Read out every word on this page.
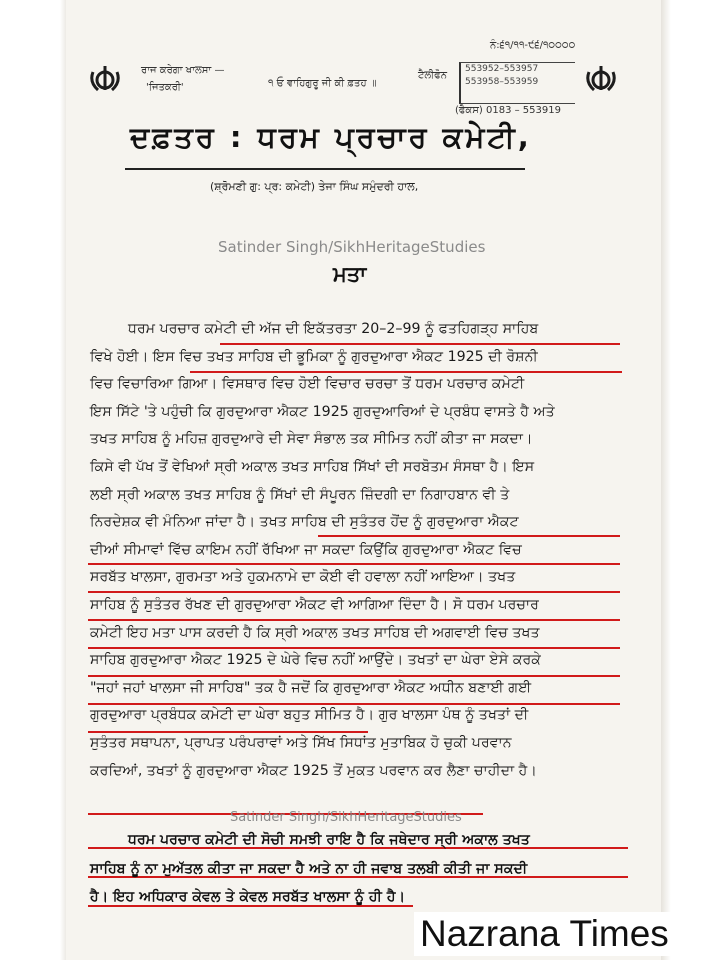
ਨੰ:੬੧/੧੧-੯੬/੧੦੦੦੦
ਰਾਜ ਕਰੇਗਾ ਖਾਲਸਾ —
'ਜਿਤਕਰੀ'	੧ ਓ ਵਾਹਿਗੁਰੂ ਜੀ ਕੀ ਫ਼ਤਹ ॥
ਟੈਲੀਫੋਨ
553952–553957
553958–553959
(ਫੈਕਸ) 0183 – 553919
ਦਫ਼ਤਰ : ਧਰਮ ਪ੍ਰਚਾਰ ਕਮੇਟੀ,
(ਸ਼੍ਰੋਮਣੀ ਗੁ: ਪ੍ਰ: ਕਮੇਟੀ) ਤੇਜਾ ਸਿੰਘ ਸਮੁੰਦਰੀ ਹਾਲ,
Satinder Singh/SikhHeritageStudies
ਮਤਾ

ਧਰਮ ਪਰਚਾਰ ਕਮੇਟੀ ਦੀ ਅੱਜ ਦੀ ਇਕੱਤਰਤਾ 20–2–99 ਨੂੰ ਫਤਹਿਗੜ੍ਹ ਸਾਹਿਬ

ਵਿਖੇ ਹੋਈ। ਇਸ ਵਿਚ ਤਖਤ ਸਾਹਿਬ ਦੀ ਭੂਮਿਕਾ ਨੂੰ ਗੁਰਦੁਆਰਾ ਐਕਟ 1925 ਦੀ ਰੋਸ਼ਨੀ

ਵਿਚ ਵਿਚਾਰਿਆ ਗਿਆ। ਵਿਸਥਾਰ ਵਿਚ ਹੋਈ ਵਿਚਾਰ ਚਰਚਾ ਤੋਂ ਧਰਮ ਪਰਚਾਰ ਕਮੇਟੀ

ਇਸ ਸਿੱਟੇ 'ਤੇ ਪਹੁੰਚੀ ਕਿ ਗੁਰਦੁਆਰਾ ਐਕਟ 1925 ਗੁਰਦੁਆਰਿਆਂ ਦੇ ਪ੍ਰਬੰਧ ਵਾਸਤੇ ਹੈ ਅਤੇ

ਤਖਤ ਸਾਹਿਬ ਨੂੰ ਮਹਿਜ਼ ਗੁਰਦੁਆਰੇ ਦੀ ਸੇਵਾ ਸੰਭਾਲ ਤਕ ਸੀਮਿਤ ਨਹੀਂ ਕੀਤਾ ਜਾ ਸਕਦਾ।

ਕਿਸੇ ਵੀ ਪੱਖ ਤੋਂ ਵੇਖਿਆਂ ਸ੍ਰੀ ਅਕਾਲ ਤਖਤ ਸਾਹਿਬ ਸਿੱਖਾਂ ਦੀ ਸਰਬੋਤਮ ਸੰਸਥਾ ਹੈ। ਇਸ

ਲਈ ਸ੍ਰੀ ਅਕਾਲ ਤਖਤ ਸਾਹਿਬ ਨੂੰ ਸਿੱਖਾਂ ਦੀ ਸੰਪੂਰਨ ਜ਼ਿੰਦਗੀ ਦਾ ਨਿਗਾਹਬਾਨ ਵੀ ਤੇ

ਨਿਰਦੇਸ਼ਕ ਵੀ ਮੰਨਿਆ ਜਾਂਦਾ ਹੈ। ਤਖਤ ਸਾਹਿਬ ਦੀ ਸੁਤੰਤਰ ਹੋਂਦ ਨੂੰ ਗੁਰਦੁਆਰਾ ਐਕਟ

ਦੀਆਂ ਸੀਮਾਵਾਂ ਵਿੱਚ ਕਾਇਮ ਨਹੀਂ ਰੱਖਿਆ ਜਾ ਸਕਦਾ ਕਿਉਂਕਿ ਗੁਰਦੁਆਰਾ ਐਕਟ ਵਿਚ

ਸਰਬੱਤ ਖਾਲਸਾ, ਗੁਰਮਤਾ ਅਤੇ ਹੁਕਮਨਾਮੇ ਦਾ ਕੋਈ ਵੀ ਹਵਾਲਾ ਨਹੀਂ ਆਇਆ। ਤਖਤ

ਸਾਹਿਬ ਨੂੰ ਸੁਤੰਤਰ ਰੱਖਣ ਦੀ ਗੁਰਦੁਆਰਾ ਐਕਟ ਵੀ ਆਗਿਆ ਦਿੰਦਾ ਹੈ। ਸੋ ਧਰਮ ਪਰਚਾਰ

ਕਮੇਟੀ ਇਹ ਮਤਾ ਪਾਸ ਕਰਦੀ ਹੈ ਕਿ ਸ੍ਰੀ ਅਕਾਲ ਤਖਤ ਸਾਹਿਬ ਦੀ ਅਗਵਾਈ ਵਿਚ ਤਖਤ

ਸਾਹਿਬ ਗੁਰਦੁਆਰਾ ਐਕਟ 1925 ਦੇ ਘੇਰੇ ਵਿਚ ਨਹੀਂ ਆਉਂਦੇ। ਤਖਤਾਂ ਦਾ ਘੇਰਾ ਏਸੇ ਕਰਕੇ

"ਜਹਾਂ ਜਹਾਂ ਖਾਲਸਾ ਜੀ ਸਾਹਿਬ" ਤਕ ਹੈ ਜਦੋਂ ਕਿ ਗੁਰਦੁਆਰਾ ਐਕਟ ਅਧੀਨ ਬਣਾਈ ਗਈ

ਗੁਰਦੁਆਰਾ ਪ੍ਰਬੰਧਕ ਕਮੇਟੀ ਦਾ ਘੇਰਾ ਬਹੁਤ ਸੀਮਿਤ ਹੈ। ਗੁਰ ਖਾਲਸਾ ਪੰਥ ਨੂੰ ਤਖਤਾਂ ਦੀ

ਸੁਤੰਤਰ ਸਥਾਪਨਾ, ਪ੍ਰਾਪਤ ਪਰੰਪਰਾਵਾਂ ਅਤੇ ਸਿੱਖ ਸਿਧਾਂਤ ਮੁਤਾਬਿਕ ਹੋ ਚੁਕੀ ਪਰਵਾਨ

ਕਰਦਿਆਂ, ਤਖਤਾਂ ਨੂੰ ਗੁਰਦੁਆਰਾ ਐਕਟ 1925 ਤੋਂ ਮੁਕਤ ਪਰਵਾਨ ਕਰ ਲੈਣਾ ਚਾਹੀਦਾ ਹੈ।

Satinder Singh/SikhHeritageStudies

ਧਰਮ ਪਰਚਾਰ ਕਮੇਟੀ ਦੀ ਸੋਚੀ ਸਮਝੀ ਰਾਇ ਹੈ ਕਿ ਜਥੇਦਾਰ ਸ੍ਰੀ ਅਕਾਲ ਤਖਤ

ਸਾਹਿਬ ਨੂੰ ਨਾ ਮੁਅੱਤਲ ਕੀਤਾ ਜਾ ਸਕਦਾ ਹੈ ਅਤੇ ਨਾ ਹੀ ਜਵਾਬ ਤਲਬੀ ਕੀਤੀ ਜਾ ਸਕਦੀ

ਹੈ। ਇਹ ਅਧਿਕਾਰ ਕੇਵਲ ਤੇ ਕੇਵਲ ਸਰਬੱਤ ਖਾਲਸਾ ਨੂੰ ਹੀ ਹੈ।

Nazrana Times
